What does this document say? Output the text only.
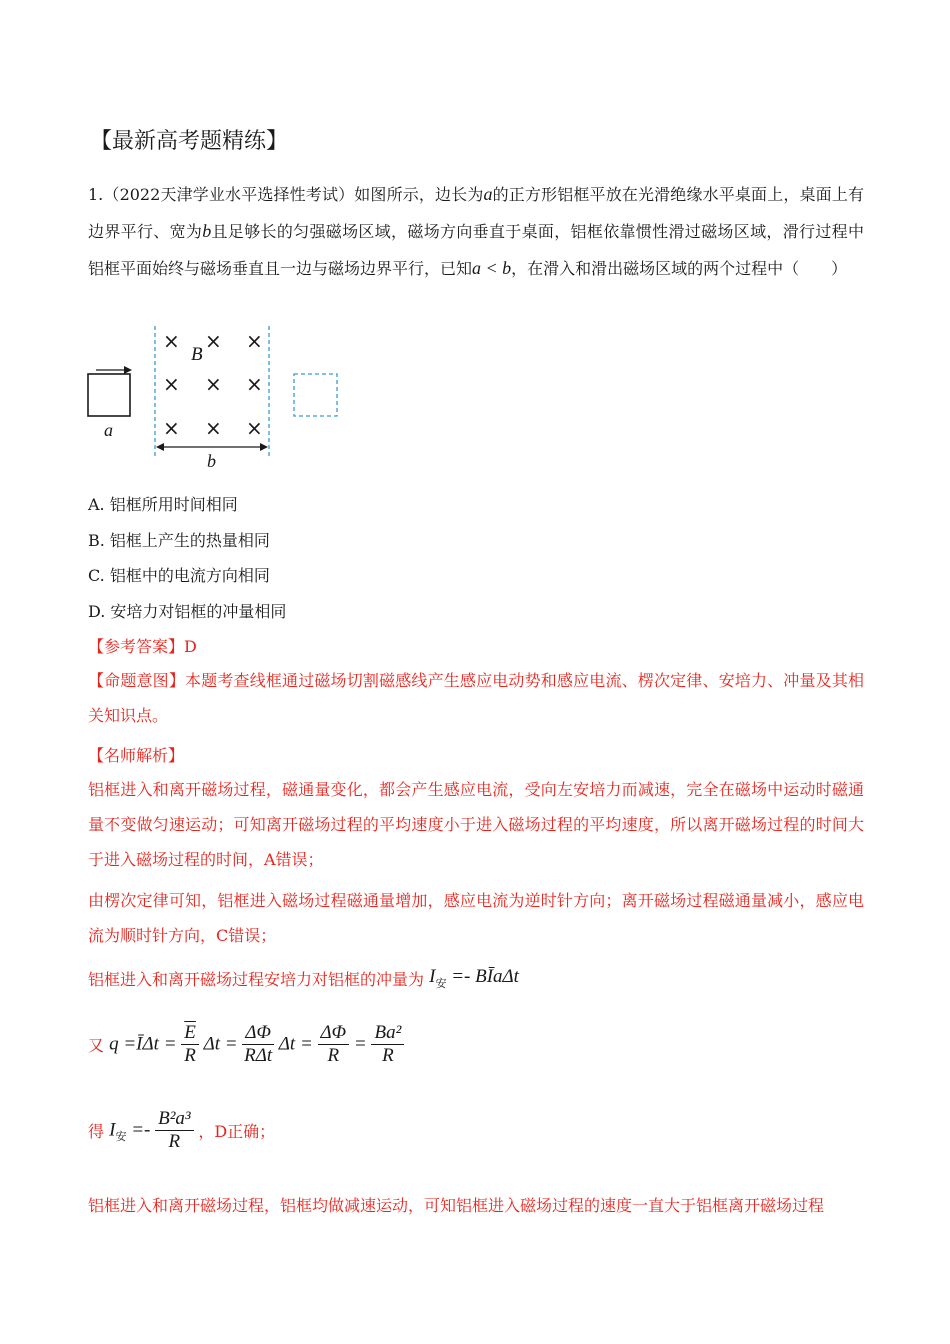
【最新高考题精练】
1.（2022天津学业水平选择性考试）如图所示，边长为a的正方形铝框平放在光滑绝缘水平桌面上，桌面上有边界平行、宽为b且足够长的匀强磁场区域，磁场方向垂直于桌面，铝框依靠惯性滑过磁场区域，滑行过程中铝框平面始终与磁场垂直且一边与磁场边界平行，已知a < b，在滑入和滑出磁场区域的两个过程中（　　）
a
× × ×
× × ×
× × ×
B
b
A. 铝框所用时间相同
B. 铝框上产生的热量相同
C. 铝框中的电流方向相同
D. 安培力对铝框的冲量相同
【参考答案】D
【命题意图】本题考查线框通过磁场切割磁感线产生感应电动势和感应电流、楞次定律、安培力、冲量及其相关知识点。
【名师解析】
铝框进入和离开磁场过程，磁通量变化，都会产生感应电流，受向左安培力而减速，完全在磁场中运动时磁通量不变做匀速运动；可知离开磁场过程的平均速度小于进入磁场过程的平均速度，所以离开磁场过程的时间大于进入磁场过程的时间，A错误；
由楞次定律可知，铝框进入磁场过程磁通量增加，感应电流为逆时针方向；离开磁场过程磁通量减小，感应电流为顺时针方向，C错误；
铝框进入和离开磁场过程安培力对铝框的冲量为 $I_安$ =- BĪaΔt
又 q =ĪΔt = $\frac{\overline{E}}{R}$ $\Delta t = \frac{\Delta\Phi}{\text{RΔt}}$ $\Delta t = \frac{\Delta\Phi}{R} = \frac{\text{Ba²}}{R}$
得 $I_安 =- \frac{\text{B²a³}}{R}$ ，D正确；
铝框进入和离开磁场过程，铝框均做减速运动，可知铝框进入磁场过程的速度一直大于铝框离开磁场过程
